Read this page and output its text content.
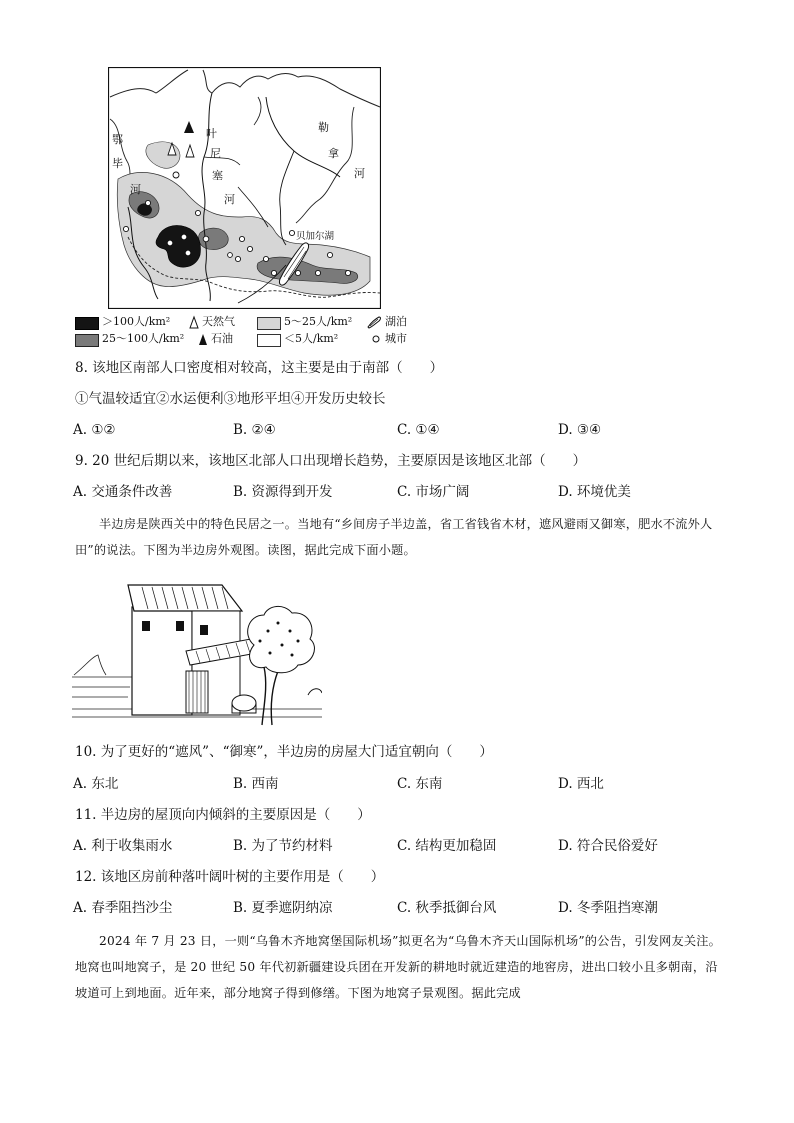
鄂
毕
河
叶
尼
塞
河
勒
拿
河
贝加尔湖
＞100人/km²	天然气	5～25人/km²	湖泊
25～100人/km² 石油	＜5人/km²	城市
8. 该地区南部人口密度相对较高，这主要是由于南部（　　）
①气温较适宜②水运便利③地形平坦④开发历史较长
A. ①②	B. ②④	C. ①④	D. ③④
9. 20 世纪后期以来，该地区北部人口出现增长趋势，主要原因是该地区北部（　　）
A. 交通条件改善	B. 资源得到开发	C. 市场广阔	D. 环境优美
半边房是陕西关中的特色民居之一。当地有“乡间房子半边盖，省工省钱省木材，遮风避雨又御寒，肥水不流外人田”的说法。下图为半边房外观图。读图，据此完成下面小题。
10. 为了更好的“遮风”、“御寒”，半边房的房屋大门适宜朝向（　　）
A. 东北	B. 西南	C. 东南	D. 西北
11. 半边房的屋顶向内倾斜的主要原因是（　　）
A. 利于收集雨水	B. 为了节约材料	C. 结构更加稳固	D. 符合民俗爱好
12. 该地区房前种落叶阔叶树的主要作用是（　　）
A. 春季阻挡沙尘	B. 夏季遮阴纳凉	C. 秋季抵御台风	D. 冬季阻挡寒潮
2024 年 7 月 23 日，一则“乌鲁木齐地窝堡国际机场”拟更名为“乌鲁木齐天山国际机场”的公告，引发网友关注。地窝也叫地窝子，是 20 世纪 50 年代初新疆建设兵团在开发新的耕地时就近建造的地窖房，进出口较小且多朝南，沿坡道可上到地面。近年来，部分地窝子得到修缮。下图为地窝子景观图。据此完成
